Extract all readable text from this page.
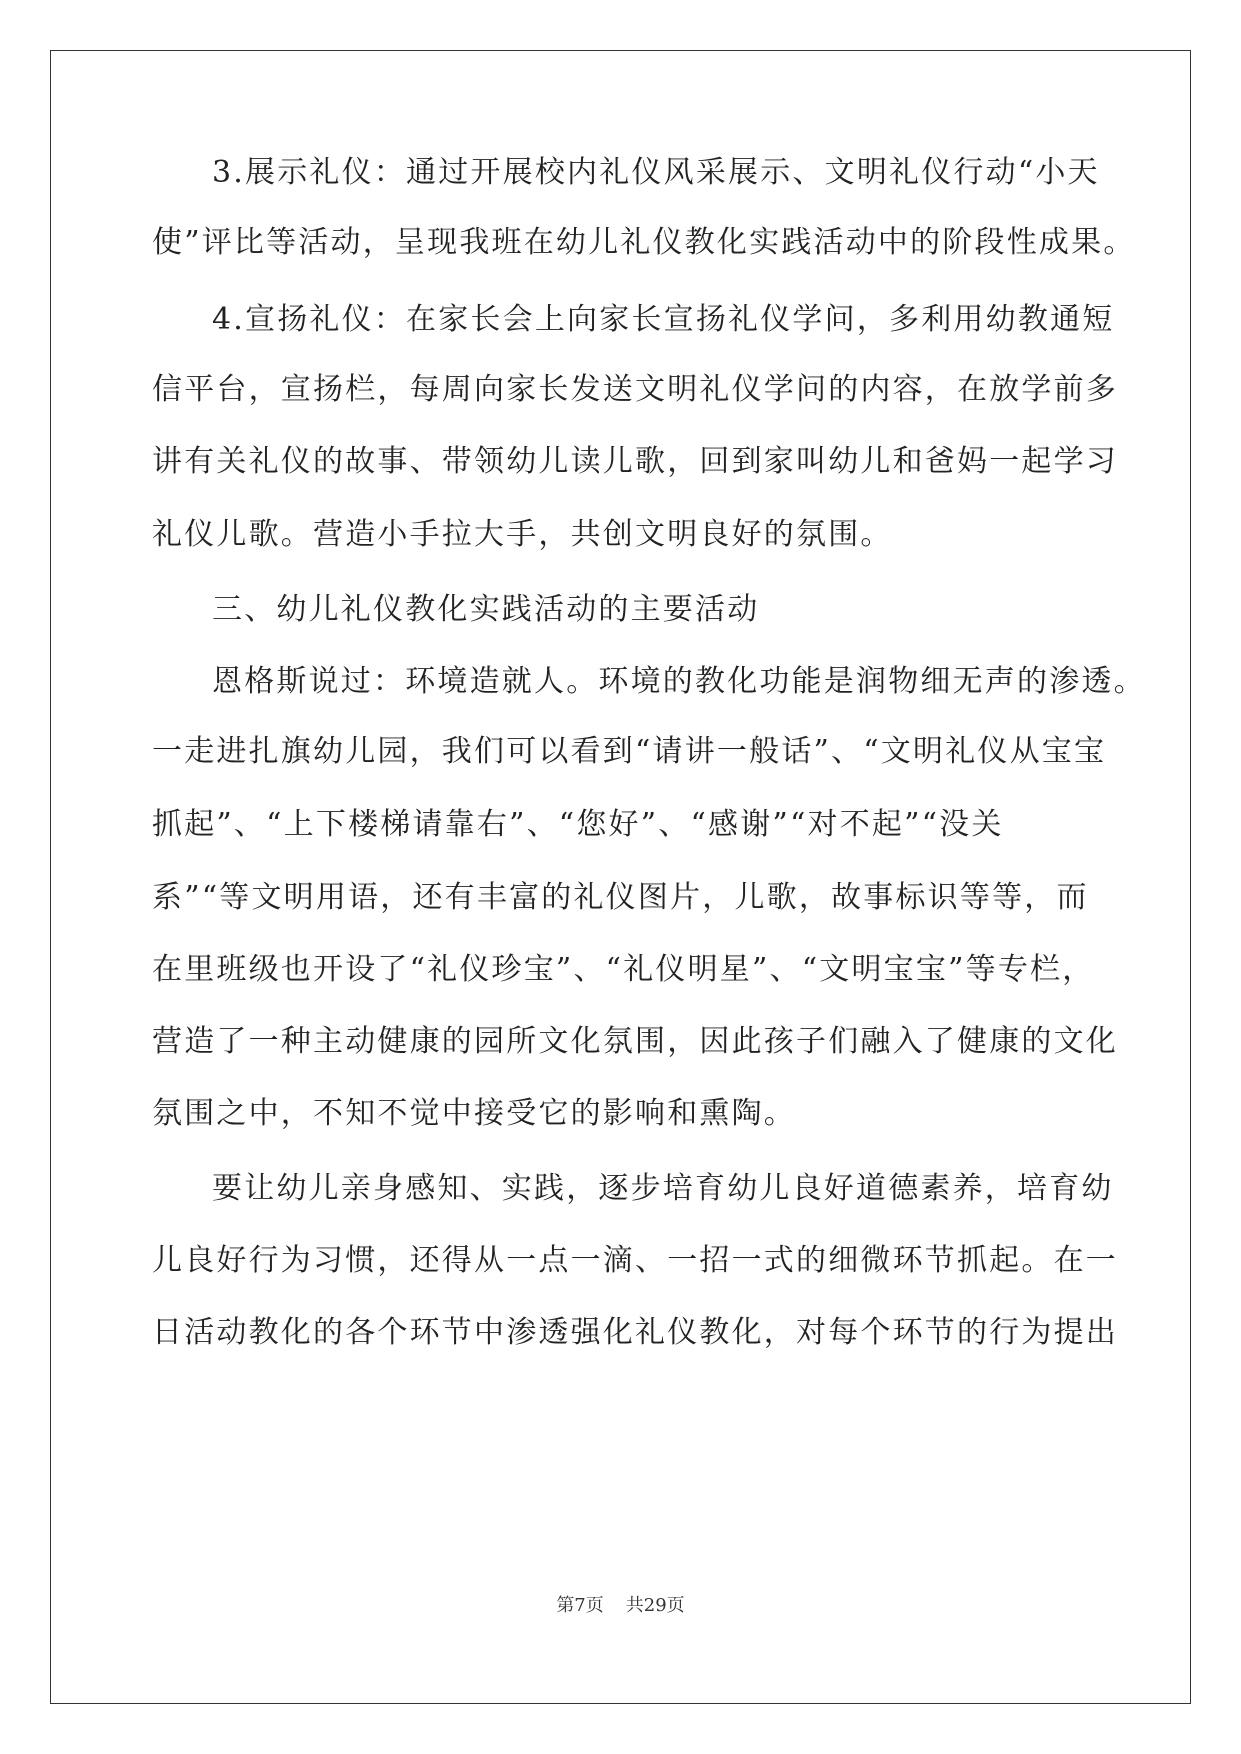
3.展示礼仪：通过开展校内礼仪风采展示、文明礼仪行动“小天
使”评比等活动，呈现我班在幼儿礼仪教化实践活动中的阶段性成果。
4.宣扬礼仪：在家长会上向家长宣扬礼仪学问，多利用幼教通短
信平台，宣扬栏，每周向家长发送文明礼仪学问的内容，在放学前多
讲有关礼仪的故事、带领幼儿读儿歌，回到家叫幼儿和爸妈一起学习
礼仪儿歌。营造小手拉大手，共创文明良好的氛围。
三、幼儿礼仪教化实践活动的主要活动
恩格斯说过：环境造就人。环境的教化功能是润物细无声的渗透。
一走进扎旗幼儿园，我们可以看到“请讲一般话”、“文明礼仪从宝宝
抓起”、“上下楼梯请靠右”、“您好”、“感谢”“对不起”“没关
系”“等文明用语，还有丰富的礼仪图片，儿歌，故事标识等等，而
在里班级也开设了“礼仪珍宝”、“礼仪明星”、“文明宝宝”等专栏，
营造了一种主动健康的园所文化氛围，因此孩子们融入了健康的文化
氛围之中，不知不觉中接受它的影响和熏陶。
要让幼儿亲身感知、实践，逐步培育幼儿良好道德素养，培育幼
儿良好行为习惯，还得从一点一滴、一招一式的细微环节抓起。在一
日活动教化的各个环节中渗透强化礼仪教化，对每个环节的行为提出
第7页 共29页
